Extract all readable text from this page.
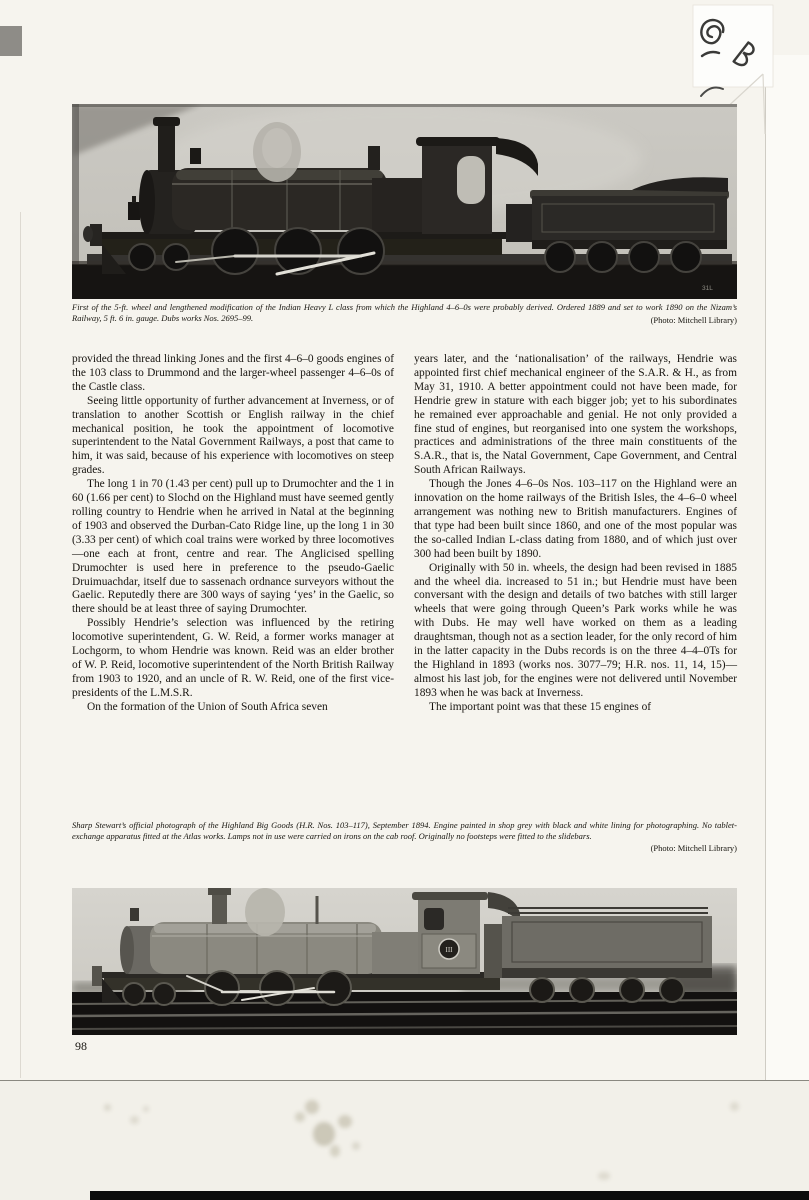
31L
First of the 5-ft. wheel and lengthened modification of the Indian Heavy L class from which the Highland 4–6–0s were probably derived. Ordered 1889 and set to work 1890 on the Nizam’s Railway, 5 ft. 6 in. gauge. Dubs works Nos. 2695–99.	(Photo: Mitchell Library)

provided the thread linking Jones and the first 4–6–0 goods engines of the 103 class to Drummond and the larger-wheel passenger 4–6–0s of the Castle class.

Seeing little opportunity of further advancement at Inverness, or of translation to another Scottish or English railway in the chief mechanical position, he took the appointment of locomotive superintendent to the Natal Government Railways, a post that came to him, it was said, because of his experience with locomotives on steep grades.

The long 1 in 70 (1.43 per cent) pull up to Drumochter and the 1 in 60 (1.66 per cent) to Slochd on the Highland must have seemed gently rolling country to Hendrie when he arrived in Natal at the beginning of 1903 and observed the Durban-Cato Ridge line, up the long 1 in 30 (3.33 per cent) of which coal trains were worked by three locomotives—one each at front, centre and rear. The Anglicised spelling Drumochter is used here in preference to the pseudo-Gaelic Druimuachdar, itself due to sassenach ordnance surveyors without the Gaelic. Reputedly there are 300 ways of saying ‘yes’ in the Gaelic, so there should be at least three of saying Drumochter.

Possibly Hendrie’s selection was influenced by the retiring locomotive superintendent, G. W. Reid, a former works manager at Lochgorm, to whom Hendrie was known. Reid was an elder brother of W. P. Reid, locomotive superintendent of the North British Railway from 1903 to 1920, and an uncle of R. W. Reid, one of the first vice-presidents of the L.M.S.R.

On the formation of the Union of South Africa seven

years later, and the ‘nationalisation’ of the railways, Hendrie was appointed first chief mechanical engineer of the S.A.R. & H., as from May 31, 1910. A better appointment could not have been made, for Hendrie grew in stature with each bigger job; yet to his subordinates he remained ever approachable and genial. He not only provided a fine stud of engines, but reorganised into one system the workshops, practices and administrations of the three main constituents of the S.A.R., that is, the Natal Government, Cape Government, and Central South African Railways.

Though the Jones 4–6–0s Nos. 103–117 on the Highland were an innovation on the home railways of the British Isles, the 4–6–0 wheel arrangement was nothing new to British manufacturers. Engines of that type had been built since 1860, and one of the most popular was the so-called Indian L-class dating from 1880, and of which just over 300 had been built by 1890.

Originally with 50 in. wheels, the design had been revised in 1885 and the wheel dia. increased to 51 in.; but Hendrie must have been conversant with the design and details of two batches with still larger wheels that were going through Queen’s Park works while he was with Dubs. He may well have worked on them as a leading draughtsman, though not as a section leader, for the only record of him in the latter capacity in the Dubs records is on the three 4–4–0Ts for the Highland in 1893 (works nos. 3077–79; H.R. nos. 11, 14, 15)—almost his last job, for the engines were not delivered until November 1893 when he was back at Inverness.

The important point was that these 15 engines of

Sharp Stewart’s official photograph of the Highland Big Goods (H.R. Nos. 103–117), September 1894. Engine painted in shop grey with black and white lining for photographing. No tablet-exchange apparatus fitted at the Atlas works. Lamps not in use were carried on irons on the cab roof. Originally no footsteps were fitted to the slidebars.
(Photo: Mitchell Library)
III
98
